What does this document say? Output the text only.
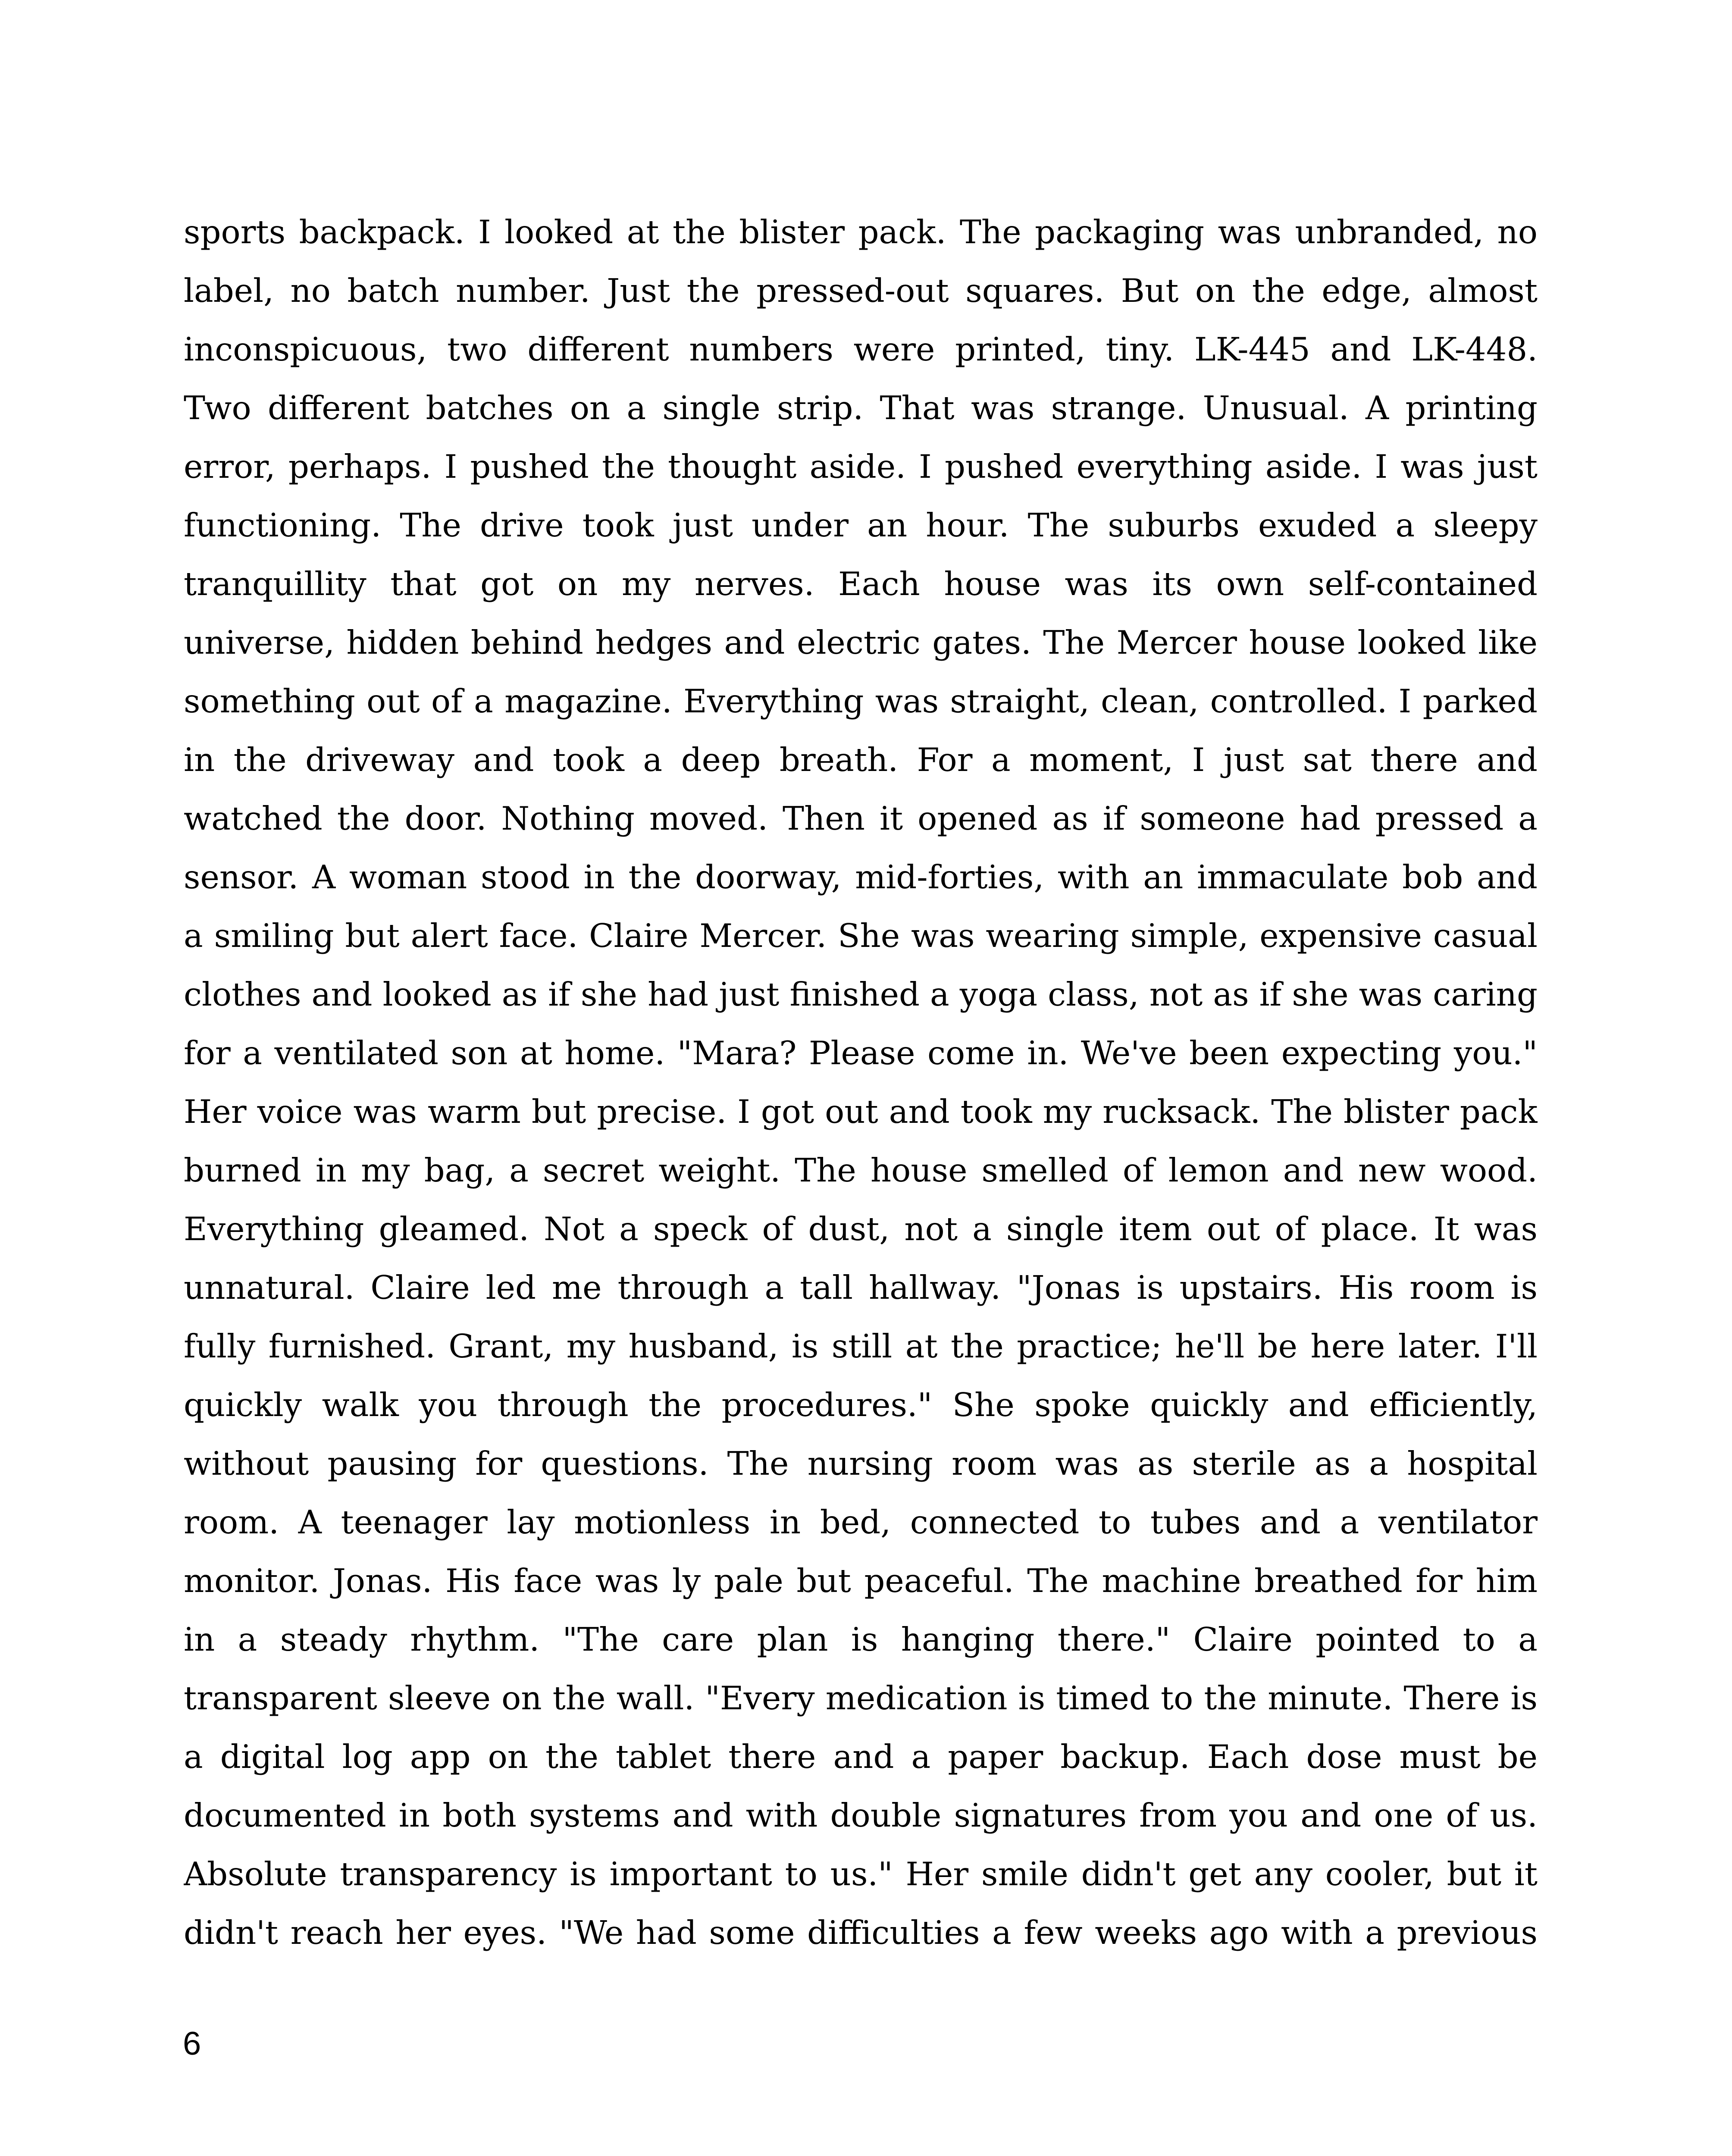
sports backpack. I looked at the blister pack. The packaging was unbranded, no
label, no batch number. Just the pressed-out squares. But on the edge, almost
inconspicuous, two different numbers were printed, tiny. LK-445 and LK-448.
Two different batches on a single strip. That was strange. Unusual. A printing
error, perhaps. I pushed the thought aside. I pushed everything aside. I was just
functioning. The drive took just under an hour. The suburbs exuded a sleepy
tranquillity that got on my nerves. Each house was its own self-contained
universe, hidden behind hedges and electric gates. The Mercer house looked like
something out of a magazine. Everything was straight, clean, controlled. I parked
in the driveway and took a deep breath. For a moment, I just sat there and
watched the door. Nothing moved. Then it opened as if someone had pressed a
sensor. A woman stood in the doorway, mid-forties, with an immaculate bob and
a smiling but alert face. Claire Mercer. She was wearing simple, expensive casual
clothes and looked as if she had just finished a yoga class, not as if she was caring
for a ventilated son at home. "Mara? Please come in. We've been expecting you."
Her voice was warm but precise. I got out and took my rucksack. The blister pack
burned in my bag, a secret weight. The house smelled of lemon and new wood.
Everything gleamed. Not a speck of dust, not a single item out of place. It was
unnatural. Claire led me through a tall hallway. "Jonas is upstairs. His room is
fully furnished. Grant, my husband, is still at the practice; he'll be here later. I'll
quickly walk you through the procedures." She spoke quickly and efficiently,
without pausing for questions. The nursing room was as sterile as a hospital
room. A teenager lay motionless in bed, connected to tubes and a ventilator
monitor. Jonas. His face was ly pale but peaceful. The machine breathed for him
in a steady rhythm. "The care plan is hanging there." Claire pointed to a
transparent sleeve on the wall. "Every medication is timed to the minute. There is
a digital log app on the tablet there and a paper backup. Each dose must be
documented in both systems and with double signatures from you and one of us.
Absolute transparency is important to us." Her smile didn't get any cooler, but it
didn't reach her eyes. "We had some difficulties a few weeks ago with a previous
6
